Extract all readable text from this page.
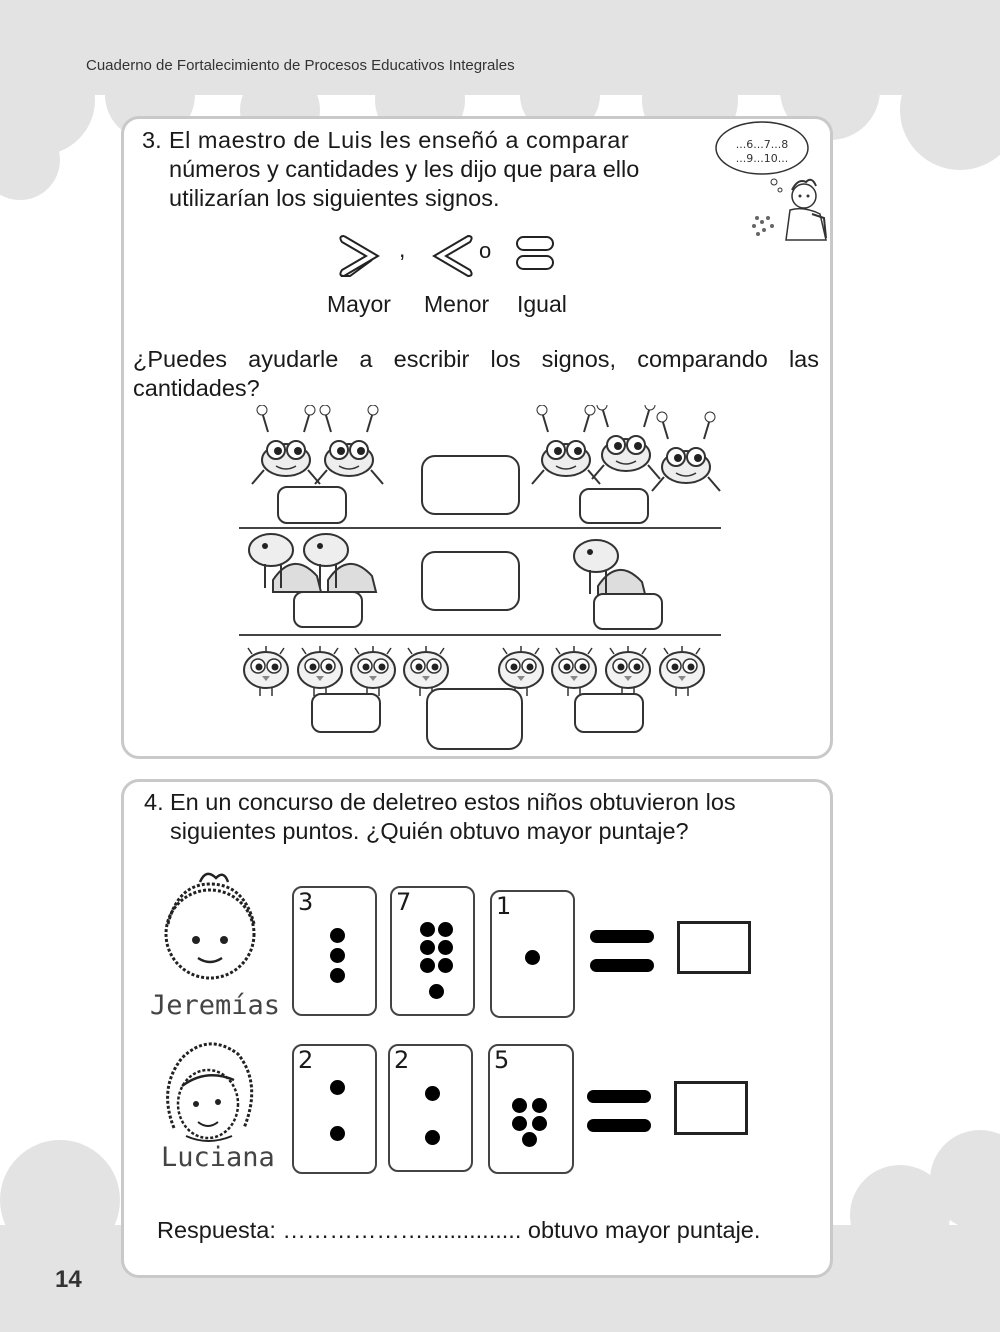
Cuaderno de Fortalecimiento de Procesos Educativos Integrales
14
3. El maestro de Luis les enseñó a comparar
números y cantidades y les dijo que para ello
utilizarían los siguientes signos.
...6...7...8
...9...10...
,	o
Mayor Menor Igual
¿Puedes ayudarle a escribir los signos, comparando las
cantidades?
4. En un concurso de deletreo estos niños obtuvieron los
siguientes puntos. ¿Quién obtuvo mayor puntaje?
Jeremías
3	7	1
Luciana
2	2	5
Respuesta: ………………............... obtuvo mayor puntaje.
